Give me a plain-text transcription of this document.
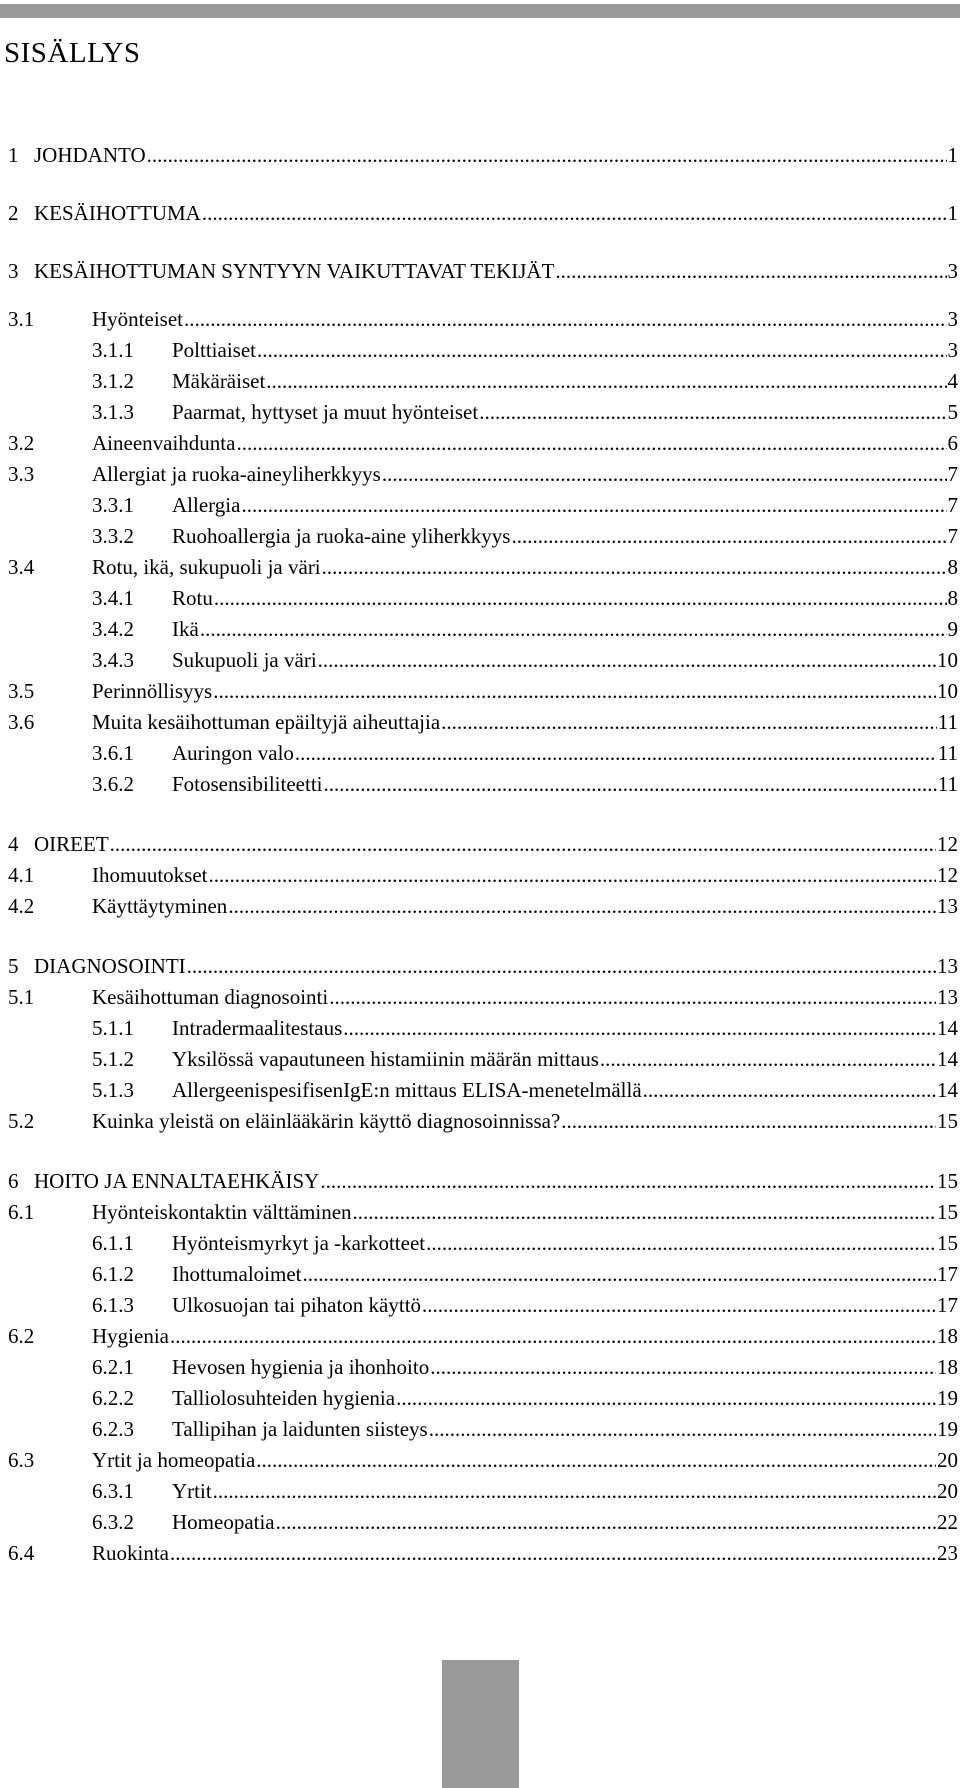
SISÄLLYS
1 JOHDANTO .....	1
2 KESÄIHOTTUMA .....	1
3 KESÄIHOTTUMAN SYNTYYN VAIKUTTAVAT TEKIJÄT .....	3
3.1	Hyönteiset .....	3
3.1.1	Polttiaiset .....	3
3.1.2	Mäkäräiset .....	4
3.1.3	Paarmat, hyttyset ja muut hyönteiset .....	5
3.2	Aineenvaihdunta .....	6
3.3	Allergiat ja ruoka-aineyliherkkyys .....	7
3.3.1	Allergia .....	7
3.3.2	Ruohoallergia ja ruoka-aine yliherkkyys .....	7
3.4	Rotu, ikä, sukupuoli ja väri .....	8
3.4.1	Rotu .....	8
3.4.2	Ikä .....	9
3.4.3	Sukupuoli ja väri .....	10
3.5	Perinnöllisyys .....	10
3.6	Muita kesäihottuman epäiltyjä aiheuttajia .....	11
3.6.1	Auringon valo .....	11
3.6.2	Fotosensibiliteetti .....	11
4 OIREET .....	12
4.1	Ihomuutokset .....	12
4.2	Käyttäytyminen .....	13
5 DIAGNOSOINTI .....	13
5.1	Kesäihottuman diagnosointi .....	13
5.1.1	Intradermaalitestaus .....	14
5.1.2	Yksilössä vapautuneen histamiinin määrän mittaus .....	14
5.1.3	AllergeenispesifisenIgE:n mittaus ELISA-menetelmällä .....	14
5.2	Kuinka yleistä on eläinlääkärin käyttö diagnosoinnissa? .....	15
6 HOITO JA ENNALTAEHKÄISY .....	15
6.1	Hyönteiskontaktin välttäminen .....	15
6.1.1	Hyönteismyrkyt ja -karkotteet .....	15
6.1.2	Ihottumaloimet .....	17
6.1.3	Ulkosuojan tai pihaton käyttö .....	17
6.2	Hygienia .....	18
6.2.1	Hevosen hygienia ja ihonhoito .....	18
6.2.2	Talliolosuhteiden hygienia .....	19
6.2.3	Tallipihan ja laidunten siisteys .....	19
6.3	Yrtit ja homeopatia .....	20
6.3.1	Yrtit .....	20
6.3.2	Homeopatia .....	22
6.4	Ruokinta .....	23
